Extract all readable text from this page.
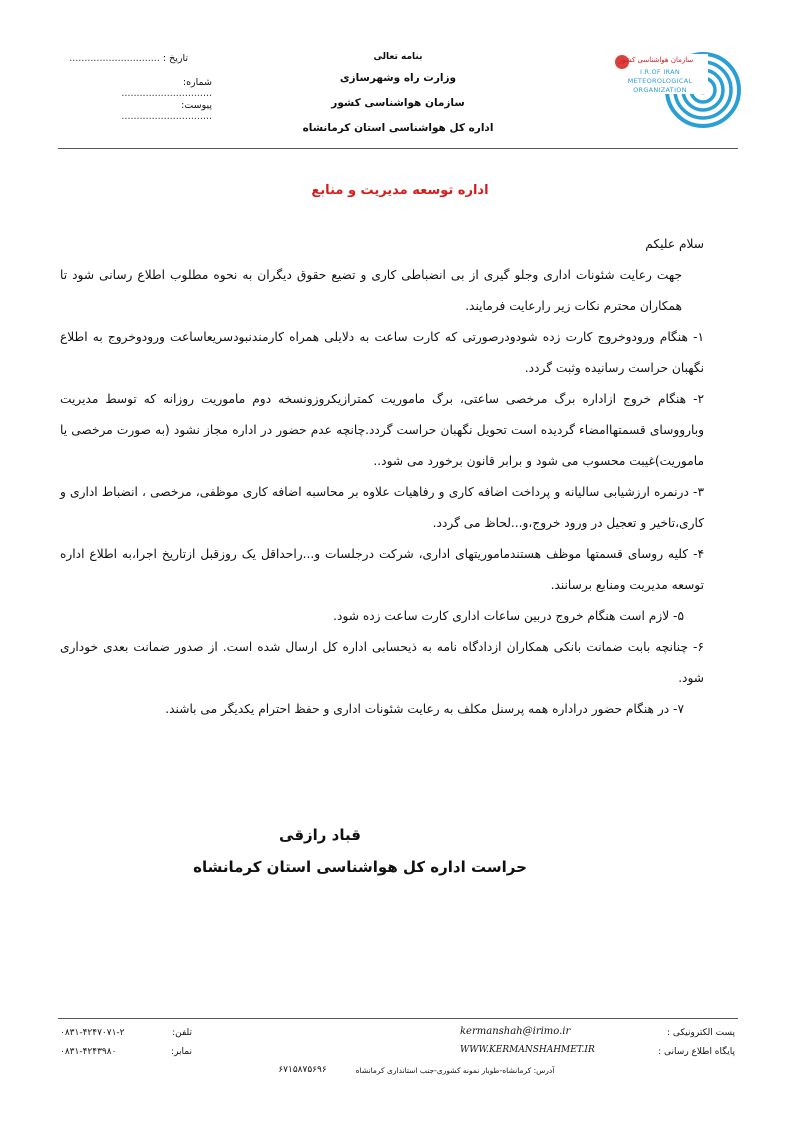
سازمان هواشناسی کشور
I.R.OF IRAN
METEOROLOGICAL
ORGANIZATION
بنامه تعالی
وزارت راه وشهرسازی
سازمان هواشناسی کشور
اداره کل هواشناسی استان کرمانشاه
تاریخ : ..............................
شماره: ..............................
پیوست: ..............................
اداره توسعه مدیریت و منابع

سلام علیکم

جهت رعایت شئونات اداری وجلو گیری از بی انضباطی کاری و تضیع حقوق دیگران به نحوه مطلوب اطلاع رسانی شود تا همکاران محترم نکات زیر رارعایت فرمایند.

۱- هنگام ورودوخروج کارت زده شودودرصورتی که کارت ساعت به دلایلی همراه کارمندنبودسریعاساعت ورودوخروج به اطلاع نگهبان حراست رسانیده وثبت گردد.

۲- هنگام خروج ازاداره برگ مرخصی ساعتی، برگ ماموریت کمترازیکروزونسخه دوم ماموریت روزانه که توسط مدیریت وبارووسای قسمتهاامضاء گردیده است تحویل نگهبان حراست گردد.چانچه عدم حضور در اداره مجاز نشود (به صورت مرخصی یا ماموریت)غیبت محسوب می شود و برابر قانون برخورد می شود..

۳- درنمره ارزشیابی سالیانه و پرداخت اضافه کاری و رفاهیات علاوه بر محاسبه اضافه کاری موظفی، مرخصی ، انضباط اداری و کاری،تاخیر و تعجیل در ورود خروج،و...لحاظ می گردد.

۴- کلیه روسای قسمتها موظف هستندماموریتهای اداری، شرکت درجلسات و...راحداقل یک روزقبل ازتاریخ اجرا،به اطلاع اداره توسعه مدیریت ومنابع برسانند.

۵- لازم است هنگام خروج دربین ساعات اداری کارت ساعت زده شود.

۶- چنانچه بابت ضمانت بانکی همکاران ازدادگاه نامه به ذیحسابی اداره کل ارسال شده است. از صدور ضمانت بعدی خوداری شود.

۷- در هنگام حضور دراداره همه پرسنل مکلف به رعایت شئونات اداری و حفظ احترام یکدیگر می باشند.

قباد رازقی
حراست اداره کل هواشناسی استان کرمانشاه
پست الکترونیکی :
kermanshah@irimo.ir
تلفن:
۰۸۳۱-۴۲۴۷۰۷۱-۲
پایگاه اطلاع رسانی :
WWW.KERMANSHAHMET.IR
نمابر:
۰۸۳۱-۴۲۴۳۹۸۰
آدرس: کرمانشاه-طوبار نمونه کشوری-جنب استانداری کرمانشاه
۶۷۱۵۸۷۵۶۹۶
